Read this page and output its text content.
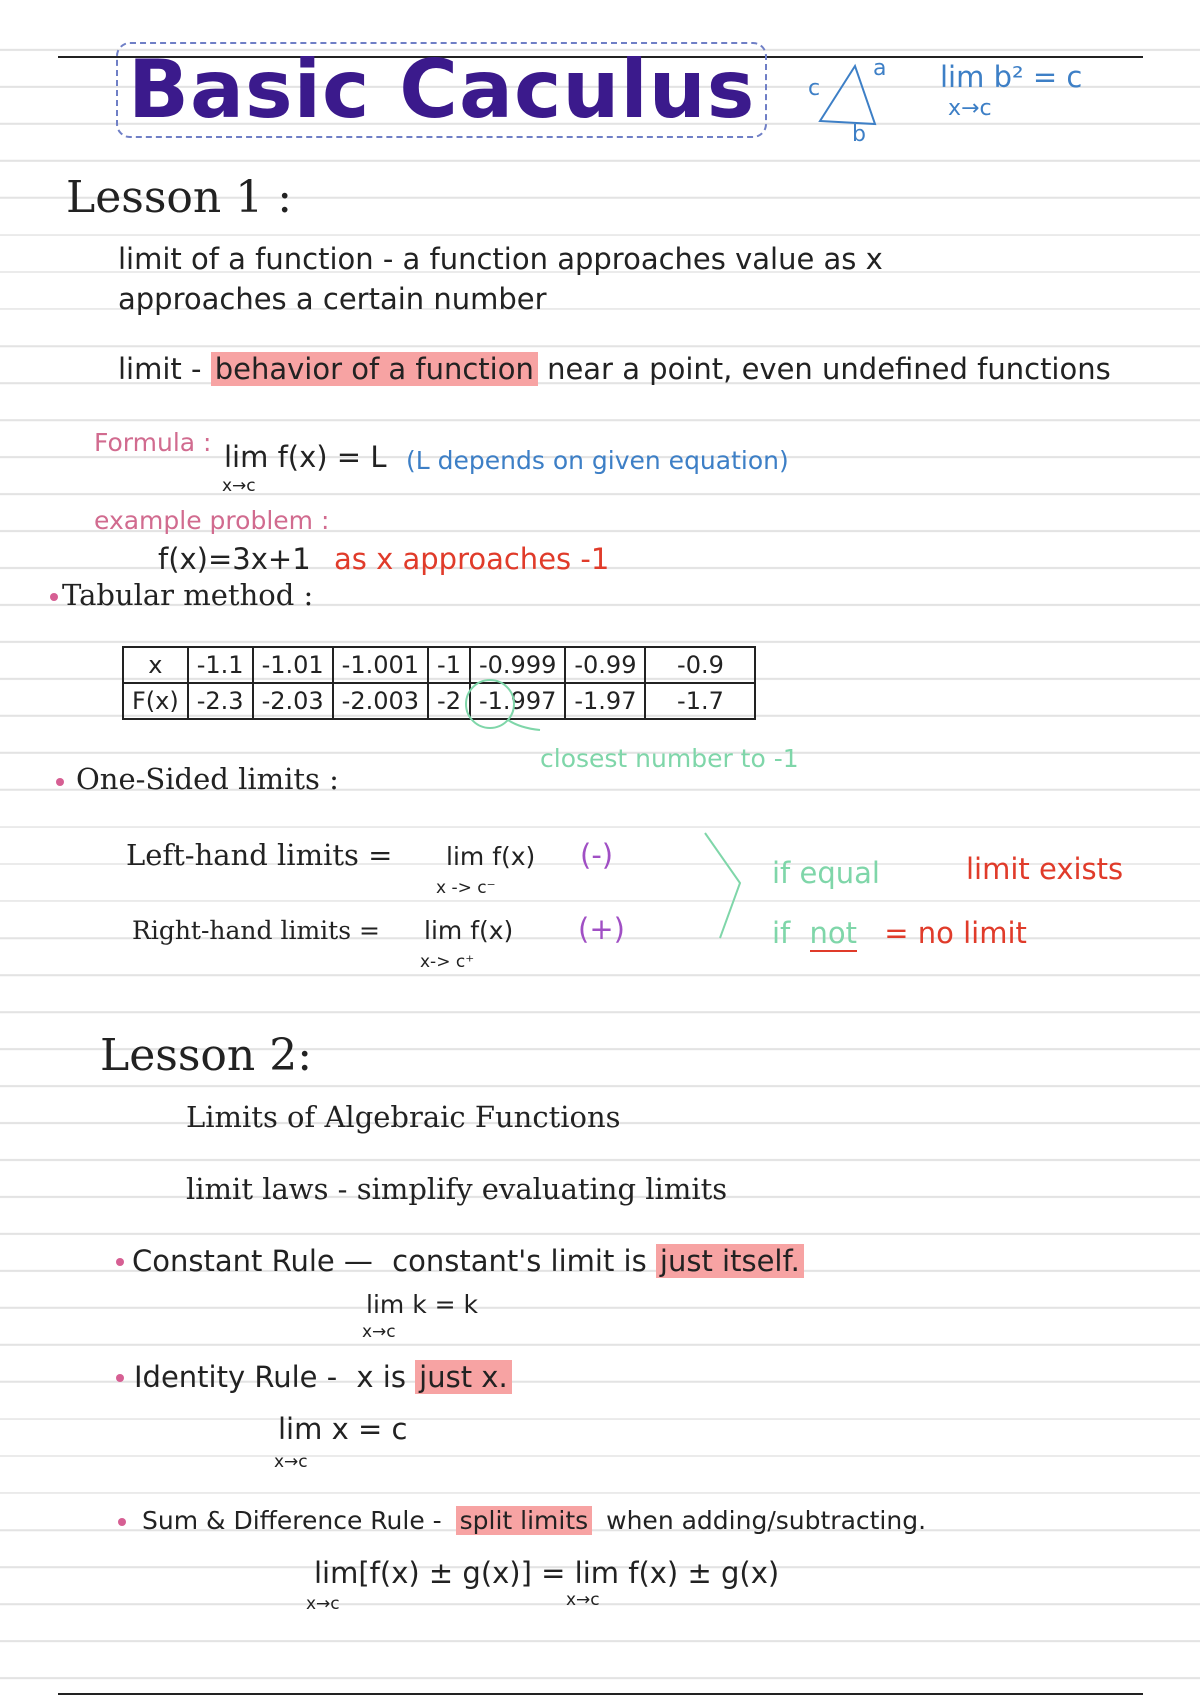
Basic Caculus	a
b
c	lim b² = c
x→c
Lesson 1 :
limit of a function - a function approaches value as x
approaches a certain number
limit - behavior of a function near a point, even undefined functions
Formula : lim f(x) = L
x→c
(L depends on given equation)
example problem :
f(x)=3x+1 as x approaches -1
Tabular method :
x	-1.1	-1.01	-1.001	-1	-0.999	-0.99	-0.9
F(x)	-2.3	-2.03	-2.003	-2	-1.997	-1.97	-1.7
closest number to -1
One-Sided limits :
Left-hand limits = lim f(x)
x -> c⁻
(-)
Right-hand limits = lim f(x)
x-> c⁺
(+)
if equal	limit exists
if not = no limit
Lesson 2:
Limits of Algebraic Functions
limit laws - simplify evaluating limits
Constant Rule — constant's limit is just itself.
lim k = k
x→c
Identity Rule - x is just x.
lim x = c
x→c
Sum & Difference Rule - split limits when adding/subtracting.
lim[f(x) ± g(x)] = lim f(x) ± g(x)
x→c	x→c
